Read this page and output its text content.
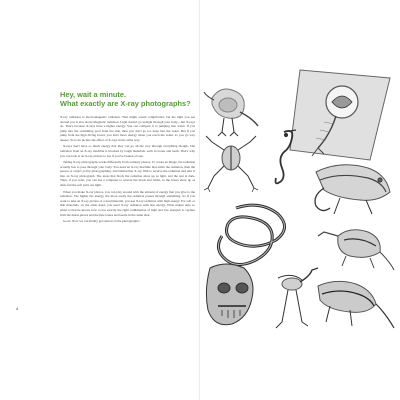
Hey, wait a minute.
What exactly are X-ray photographs?

X-ray radiation is electromagnetic radiation. That might sound complicated, but the light you see around you is also electromagnetic radiation. Light doesn't go straight through your body—but X-rays do. That's because X-rays have a higher energy. You can compare it to jumping into water. If you jump into the swimming pool from the side, then you don't go too deep into the water. But if you jump from the high diving board, you have more energy when you reach the water, so you go way deeper. You can picture the effect of X-rays in the same way.

X-rays don't have so much energy that they can go all the way through everything though. The radiation from an X-ray machine is blocked by tough materials, such as bones and teeth. That's why you can look at an X-ray picture to see if you've broken a bone.

Taking X-ray photographs works differently from ordinary photos. To create an image, the radiation actually has to pass through your body. You need an X-ray machine that emits the radiation, then the person or object you're photographing, and behind that X-ray film to receive the radiation and turn it into an X-ray photograph. The areas that block the radiation show up as light, and the rest is dark. Then, if you want, you can use a computer to reverse the black and white, so the bones show up as dark and the soft parts are light.

When you make X-ray photos, you can play around with the amount of energy that you give to the radiation. The higher the energy, the more easily the radiation passes through something. So if you want to take an X-ray picture of a hard material, you use X-ray radiation with high energy. For soft or thin materials, on the other hand, you need X-ray radiation with less energy. What makes Arie so smart is that he knows how to use exactly the right combination of light and low energies to capture both the dense pieces and the fine bones and beetle in the same shot.

Good. Now we can finally get started on the photographs!

4
